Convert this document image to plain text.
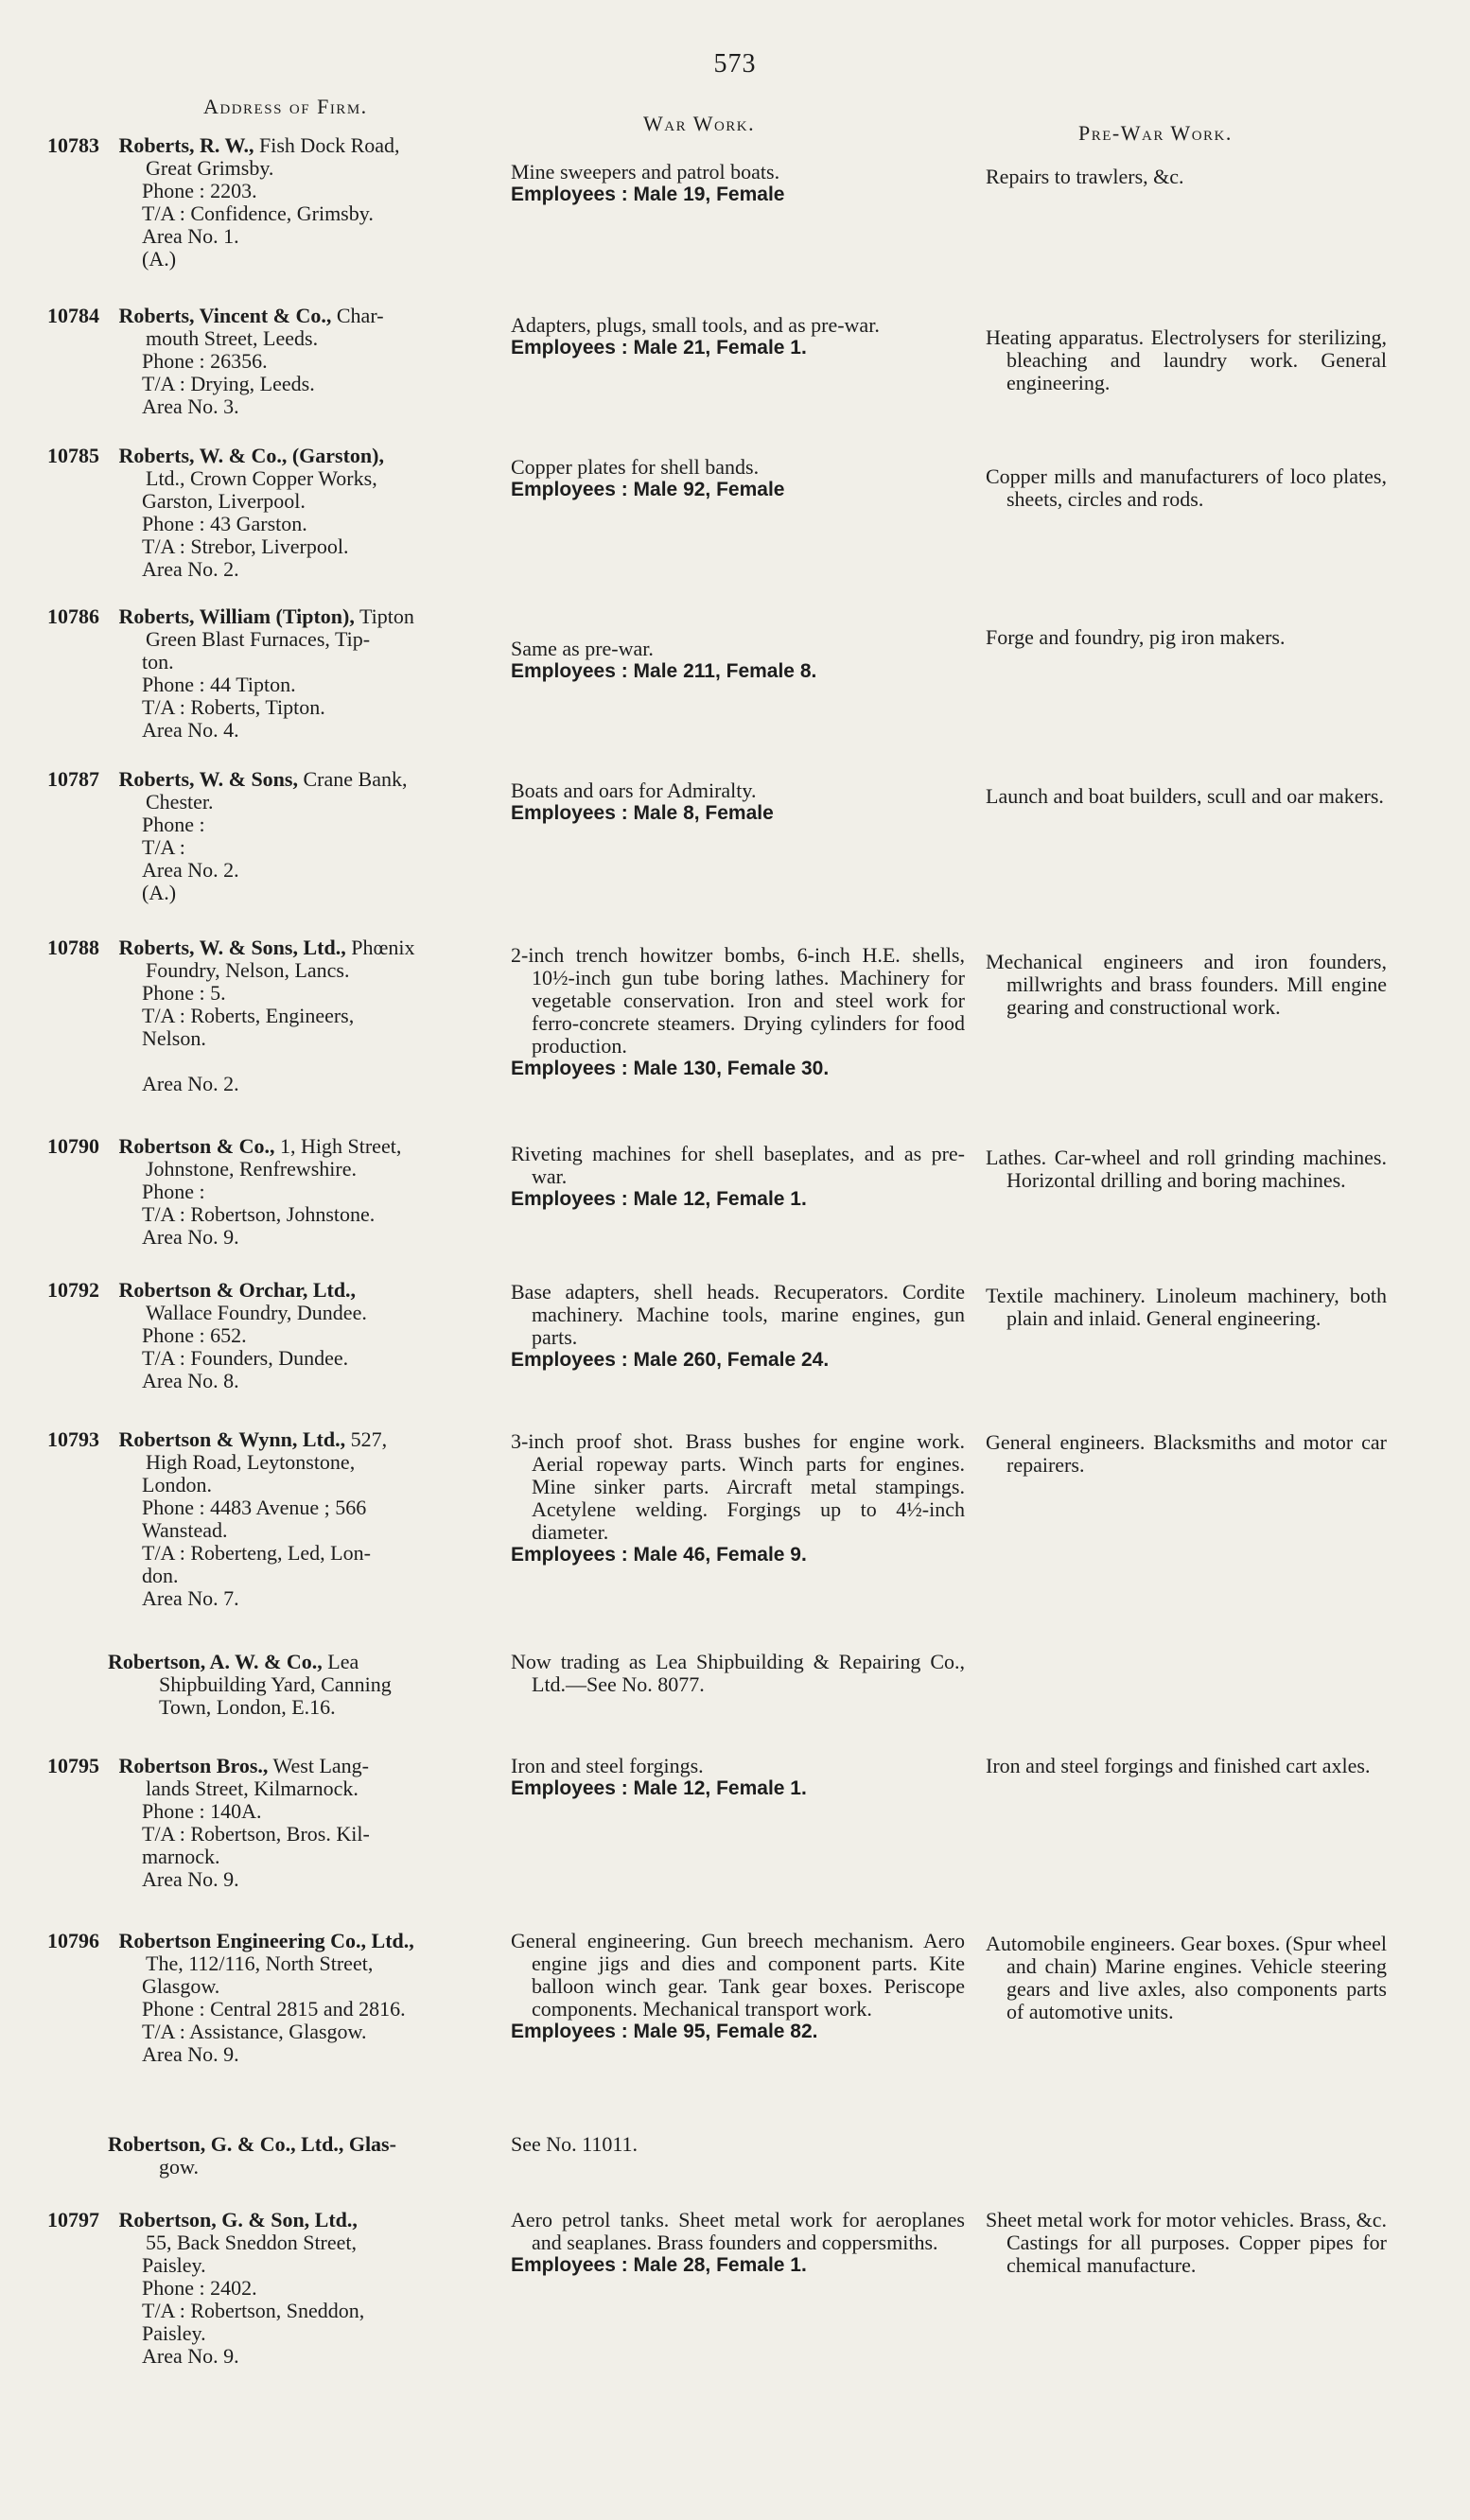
573
Address of Firm.
War Work.	Pre-War Work.
10783 Roberts, R. W., Fish Dock Road,
Great Grimsby.
Phone : 2203.
T/A : Confidence, Grimsby.
Area No. 1.
(A.)
Mine sweepers and patrol boats.
Employees : Male 19, Female
Repairs to trawlers, &c.
10784 Roberts, Vincent & Co., Char-
mouth Street, Leeds.
Phone : 26356.
T/A : Drying, Leeds.
Area No. 3.
Adapters, plugs, small tools, and as pre-war.
Employees : Male 21, Female 1.	Heating apparatus. Electrolysers for sterilizing, bleaching and laundry work. General engineering.
10785 Roberts, W. & Co., (Garston),
Ltd., Crown Copper Works,
Garston, Liverpool.
Phone : 43 Garston.
T/A : Strebor, Liverpool.
Area No. 2.
Copper plates for shell bands.
Employees : Male 92, Female
Copper mills and manufacturers of loco plates, sheets, circles and rods.
10786 Roberts, William (Tipton), Tipton
Green Blast Furnaces, Tip-
ton.
Phone : 44 Tipton.
T/A : Roberts, Tipton.
Area No. 4.
Same as pre-war.
Employees : Male 211, Female 8.
Forge and foundry, pig iron makers.
10787 Roberts, W. & Sons, Crane Bank,
Chester.
Phone :
T/A :
Area No. 2.
(A.)
Boats and oars for Admiralty.
Employees : Male 8, Female
Launch and boat builders, scull and oar makers.
10788 Roberts, W. & Sons, Ltd., Phœnix
Foundry, Nelson, Lancs.
Phone : 5.
T/A : Roberts, Engineers,
Nelson.
Area No. 2.
2-inch trench howitzer bombs, 6-inch H.E. shells, 10½-inch gun tube boring lathes. Machinery for vegetable conservation. Iron and steel work for ferro-concrete steamers. Drying cylinders for food production.
Employees : Male 130, Female 30.
Mechanical engineers and iron founders, millwrights and brass founders. Mill engine gearing and constructional work.
10790 Robertson & Co., 1, High Street,
Johnstone, Renfrewshire.
Phone :
T/A : Robertson, Johnstone.
Area No. 9.
Riveting machines for shell baseplates, and as pre-war.
Employees : Male 12, Female 1.
Lathes. Car-wheel and roll grinding machines. Horizontal drilling and boring machines.
10792 Robertson & Orchar, Ltd.,
Wallace Foundry, Dundee.
Phone : 652.
T/A : Founders, Dundee.
Area No. 8.
Base adapters, shell heads. Recuperators. Cordite machinery. Machine tools, marine engines, gun parts.
Employees : Male 260, Female 24.
Textile machinery. Linoleum machinery, both plain and inlaid. General engineering.
10793 Robertson & Wynn, Ltd., 527,
High Road, Leytonstone,
London.
Phone : 4483 Avenue ; 566
Wanstead.
T/A : Roberteng, Led, Lon-
don.
Area No. 7.
3-inch proof shot. Brass bushes for engine work. Aerial ropeway parts. Winch parts for engines. Mine sinker parts. Aircraft metal stampings. Acetylene welding. Forgings up to 4½-inch diameter.
Employees : Male 46, Female 9.
General engineers. Blacksmiths and motor car repairers.
Robertson, A. W. & Co., Lea
Shipbuilding Yard, Canning
Town, London, E.16.
Now trading as Lea Shipbuilding & Repairing Co., Ltd.—See No. 8077.
10795 Robertson Bros., West Lang-
lands Street, Kilmarnock.
Phone : 140A.
T/A : Robertson, Bros. Kil-
marnock.
Area No. 9.
Iron and steel forgings.
Employees : Male 12, Female 1.
Iron and steel forgings and finished cart axles.
10796 Robertson Engineering Co., Ltd.,
The, 112/116, North Street,
Glasgow.
Phone : Central 2815 and 2816.
T/A : Assistance, Glasgow.
Area No. 9.
General engineering. Gun breech mechanism. Aero engine jigs and dies and component parts. Kite balloon winch gear. Tank gear boxes. Periscope components. Mechanical transport work.
Employees : Male 95, Female 82.
Automobile engineers. Gear boxes. (Spur wheel and chain) Marine engines. Vehicle steering gears and live axles, also components parts of automotive units.
Robertson, G. & Co., Ltd., Glas-
gow.
See No. 11011.
10797 Robertson, G. & Son, Ltd.,
55, Back Sneddon Street,
Paisley.
Phone : 2402.
T/A : Robertson, Sneddon,
Paisley.
Area No. 9.
Aero petrol tanks. Sheet metal work for aeroplanes and seaplanes. Brass founders and coppersmiths.
Employees : Male 28, Female 1.
Sheet metal work for motor vehicles. Brass, &c. Castings for all purposes. Copper pipes for chemical manufacture.
